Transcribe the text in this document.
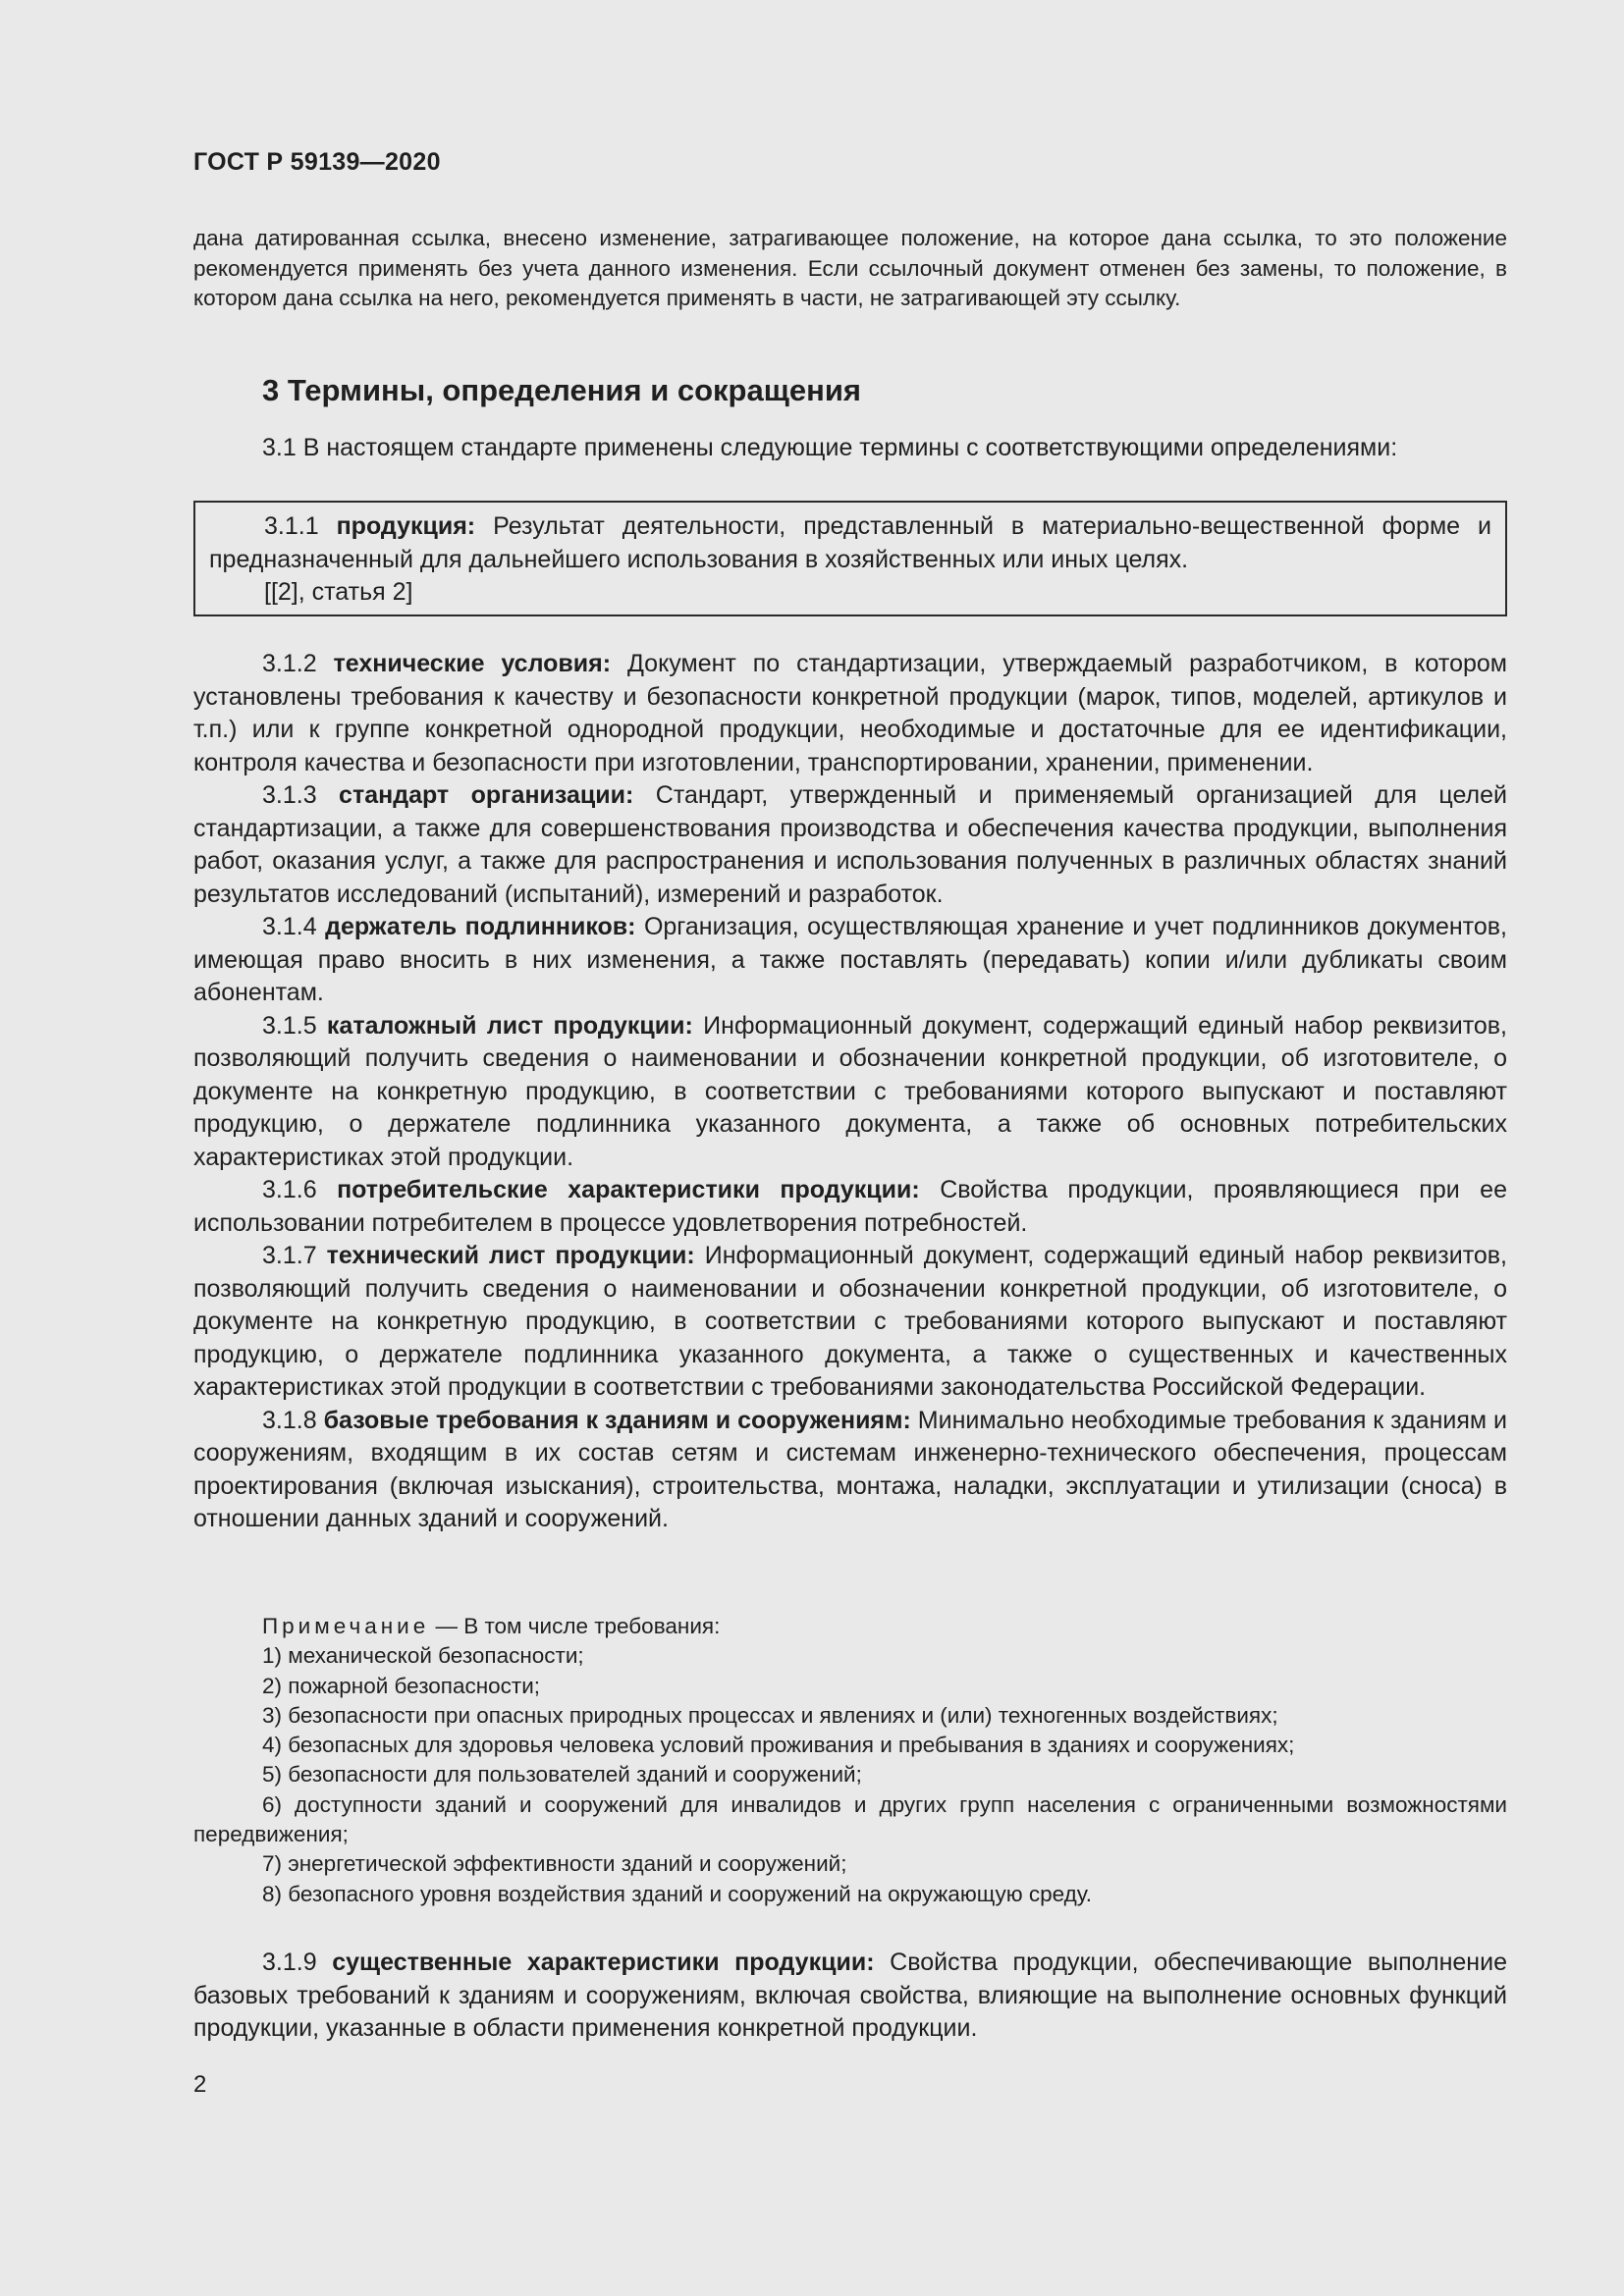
ГОСТ Р 59139—2020
дана датированная ссылка, внесено изменение, затрагивающее положение, на которое дана ссылка, то это положение рекомендуется применять без учета данного изменения. Если ссылочный документ отменен без замены, то положение, в котором дана ссылка на него, рекомендуется применять в части, не затрагивающей эту ссылку.
3 Термины, определения и сокращения
3.1 В настоящем стандарте применены следующие термины с соответствующими определениями:
3.1.1 продукция: Результат деятельности, представленный в материально-вещественной форме и предназначенный для дальнейшего использования в хозяйственных или иных целях.
[[2], статья 2]

3.1.2 технические условия: Документ по стандартизации, утверждаемый разработчиком, в котором установлены требования к качеству и безопасности конкретной продукции (марок, типов, моделей, артикулов и т.п.) или к группе конкретной однородной продукции, необходимые и достаточные для ее идентификации, контроля качества и безопасности при изготовлении, транспортировании, хранении, применении.

3.1.3 стандарт организации: Стандарт, утвержденный и применяемый организацией для целей стандартизации, а также для совершенствования производства и обеспечения качества продукции, выполнения работ, оказания услуг, а также для распространения и использования полученных в различных областях знаний результатов исследований (испытаний), измерений и разработок.

3.1.4 держатель подлинников: Организация, осуществляющая хранение и учет подлинников документов, имеющая право вносить в них изменения, а также поставлять (передавать) копии и/или дубликаты своим абонентам.

3.1.5 каталожный лист продукции: Информационный документ, содержащий единый набор реквизитов, позволяющий получить сведения о наименовании и обозначении конкретной продукции, об изготовителе, о документе на конкретную продукцию, в соответствии с требованиями которого выпускают и поставляют продукцию, о держателе подлинника указанного документа, а также об основных потребительских характеристиках этой продукции.

3.1.6 потребительские характеристики продукции: Свойства продукции, проявляющиеся при ее использовании потребителем в процессе удовлетворения потребностей.

3.1.7 технический лист продукции: Информационный документ, содержащий единый набор реквизитов, позволяющий получить сведения о наименовании и обозначении конкретной продукции, об изготовителе, о документе на конкретную продукцию, в соответствии с требованиями которого выпускают и поставляют продукцию, о держателе подлинника указанного документа, а также о существенных и качественных характеристиках этой продукции в соответствии с требованиями законодательства Российской Федерации.

3.1.8 базовые требования к зданиям и сооружениям: Минимально необходимые требования к зданиям и сооружениям, входящим в их состав сетям и системам инженерно-технического обеспечения, процессам проектирования (включая изыскания), строительства, монтажа, наладки, эксплуатации и утилизации (сноса) в отношении данных зданий и сооружений.

Примечание — В том числе требования:
1) механической безопасности;
2) пожарной безопасности;
3) безопасности при опасных природных процессах и явлениях и (или) техногенных воздействиях;
4) безопасных для здоровья человека условий проживания и пребывания в зданиях и сооружениях;
5) безопасности для пользователей зданий и сооружений;
6) доступности зданий и сооружений для инвалидов и других групп населения с ограниченными возможностями передвижения;
7) энергетической эффективности зданий и сооружений;
8) безопасного уровня воздействия зданий и сооружений на окружающую среду.

3.1.9 существенные характеристики продукции: Свойства продукции, обеспечивающие выполнение базовых требований к зданиям и сооружениям, включая свойства, влияющие на выполнение основных функций продукции, указанные в области применения конкретной продукции.

2
